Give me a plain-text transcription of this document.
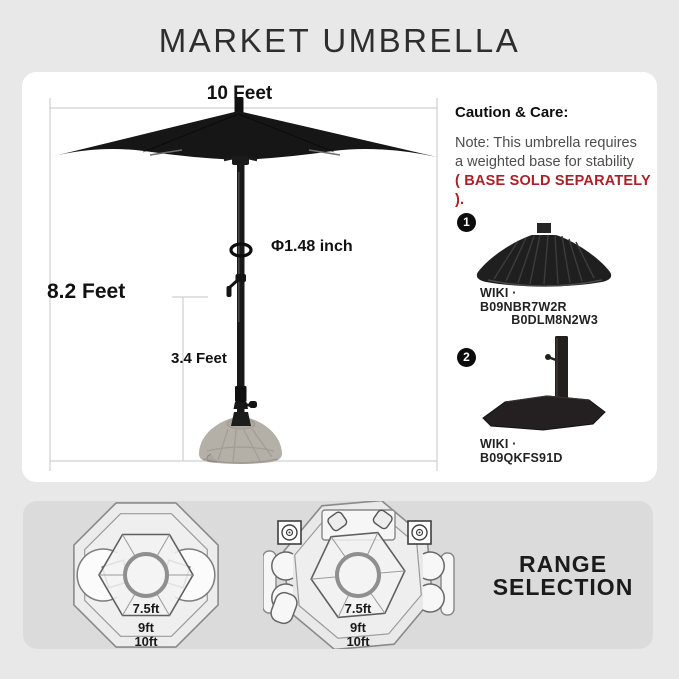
MARKET UMBRELLA
10 Feet
8.2 Feet
3.4 Feet
Φ1.48 inch
Caution & Care:
Note: This umbrella requires
a weighted base for stability
( BASE SOLD SEPARATELY ).
1
WIKI · B09NBR7W2R
B0DLM8N2W3
2
WIKI · B09QKFS91D
7.5ft
9ft
10ft
7.5ft
9ft
10ft
RANGE
SELECTION
